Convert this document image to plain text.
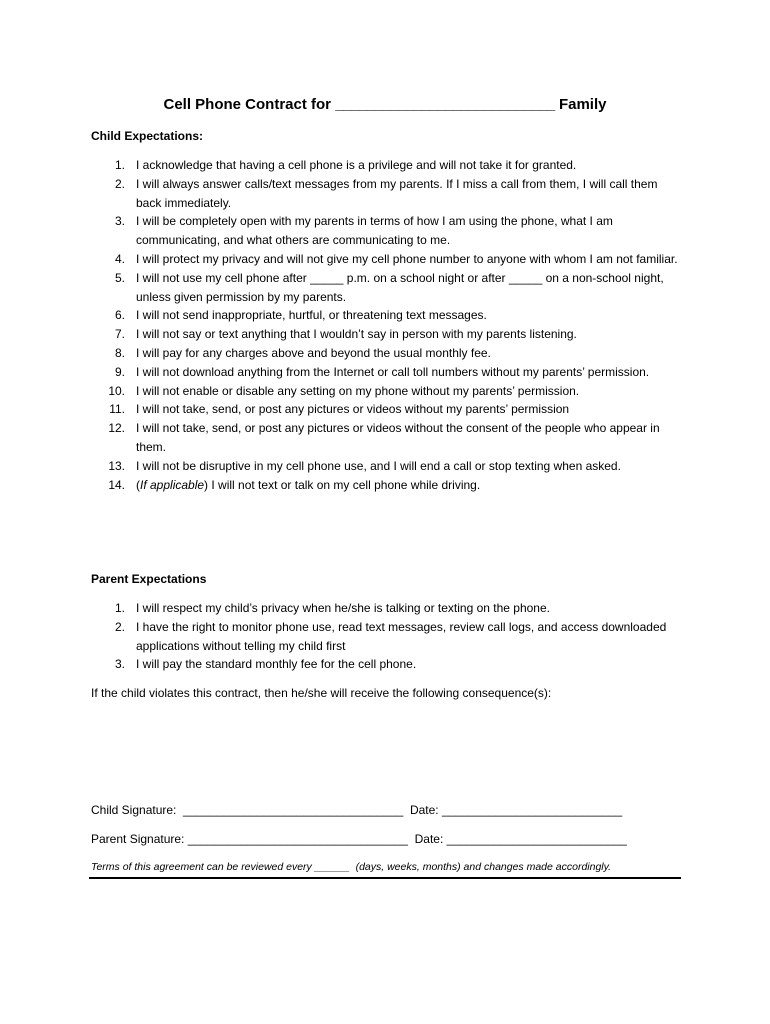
Cell Phone Contract for ____________________________ Family
Child Expectations:
1. I acknowledge that having a cell phone is a privilege and will not take it for granted.
2. I will always answer calls/text messages from my parents. If I miss a call from them, I will call them back immediately.
3. I will be completely open with my parents in terms of how I am using the phone, what I am communicating, and what others are communicating to me.
4. I will protect my privacy and will not give my cell phone number to anyone with whom I am not familiar.
5. I will not use my cell phone after _____ p.m. on a school night or after _____ on a non-school night, unless given permission by my parents.
6. I will not send inappropriate, hurtful, or threatening text messages.
7. I will not say or text anything that I wouldn’t say in person with my parents listening.
8. I will pay for any charges above and beyond the usual monthly fee.
9. I will not download anything from the Internet or call toll numbers without my parents’ permission.
10. I will not enable or disable any setting on my phone without my parents’ permission.
11. I will not take, send, or post any pictures or videos without my parents’ permission
12. I will not take, send, or post any pictures or videos without the consent of the people who appear in them.
13. I will not be disruptive in my cell phone use, and I will end a call or stop texting when asked.
14. (If applicable) I will not text or talk on my cell phone while driving.
Parent Expectations
1. I will respect my child’s privacy when he/she is talking or texting on the phone.
2. I have the right to monitor phone use, read text messages, review call logs, and access downloaded applications without telling my child first
3. I will pay the standard monthly fee for the cell phone.
If the child violates this contract, then he/she will receive the following consequence(s):
Child Signature:  _________________________________  Date: ___________________________
Parent Signature: _________________________________  Date: ___________________________
Terms of this agreement can be reviewed every ______  (days, weeks, months) and changes made accordingly.
